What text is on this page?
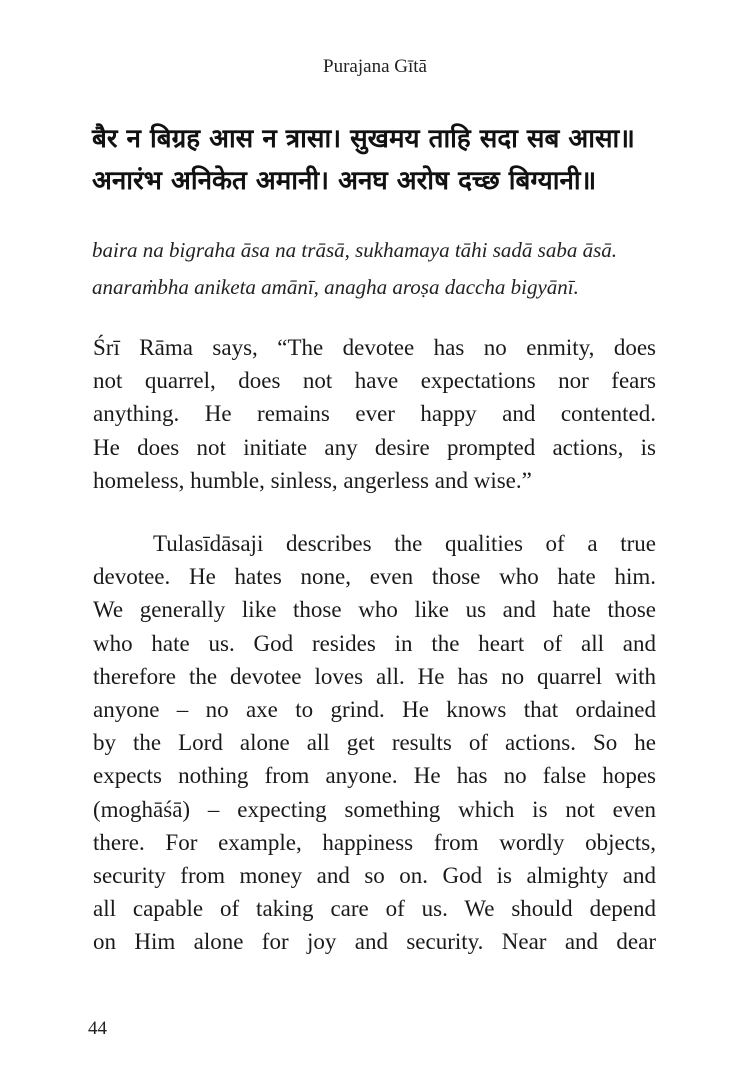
Purajana Gītā
बैर न बिग्रह आस न त्रासा। सुखमय ताहि सदा सब आसा॥
अनारंभ अनिकेत अमानी। अनघ अरोष दच्छ बिग्यानी॥
baira na bigraha āsa na trāsā, sukhamaya tāhi sadā saba āsā.
anaraṁbha aniketa amānī, anagha aroṣa daccha bigyānī.
Śrī Rāma says, “The devotee has no enmity, does
not quarrel, does not have expectations nor fears
anything. He remains ever happy and contented.
He does not initiate any desire prompted actions, is
homeless, humble, sinless, angerless and wise.”
Tulasīdāsaji describes the qualities of a true
devotee. He hates none, even those who hate him.
We generally like those who like us and hate those
who hate us. God resides in the heart of all and
therefore the devotee loves all. He has no quarrel with
anyone – no axe to grind. He knows that ordained
by the Lord alone all get results of actions. So he
expects nothing from anyone. He has no false hopes
(moghāśā) – expecting something which is not even
there. For example, happiness from wordly objects,
security from money and so on. God is almighty and
all capable of taking care of us. We should depend
on Him alone for joy and security. Near and dear
44
